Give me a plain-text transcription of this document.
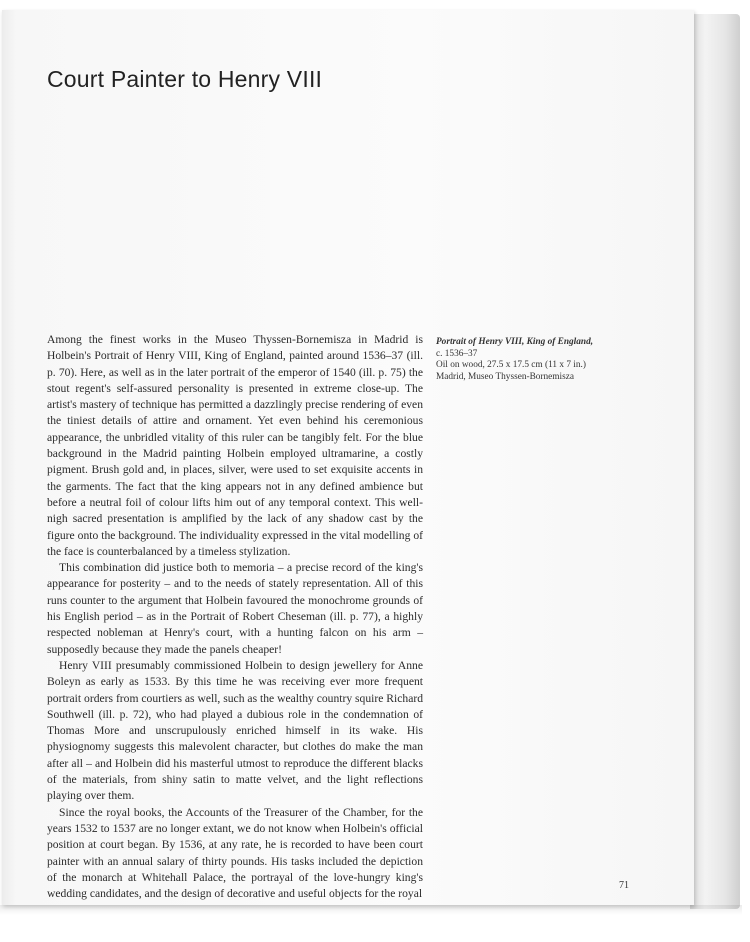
Court Painter to Henry VIII

Among the finest works in the Museo Thyssen-Bornemisza in Madrid is Holbein's Portrait of Henry VIII, King of England, painted around 1536–37 (ill. p. 70). Here, as well as in the later portrait of the emperor of 1540 (ill. p. 75) the stout regent's self-assured personality is presented in extreme close-up. The artist's mastery of technique has permitted a dazzlingly precise rendering of even the tiniest details of attire and ornament. Yet even behind his ceremonious appearance, the unbridled vitality of this ruler can be tangibly felt. For the blue background in the Madrid painting Holbein employed ultramarine, a costly pigment. Brush gold and, in places, silver, were used to set exquisite accents in the garments. The fact that the king appears not in any defined ambience but before a neutral foil of colour lifts him out of any temporal context. This well-nigh sacred presentation is amplified by the lack of any shadow cast by the figure onto the background. The individuality expressed in the vital modelling of the face is counterbalanced by a timeless stylization.

This combination did justice both to memoria – a precise record of the king's appearance for posterity – and to the needs of stately representation. All of this runs counter to the argument that Holbein favoured the monochrome grounds of his English period – as in the Portrait of Robert Cheseman (ill. p. 77), a highly respected nobleman at Henry's court, with a hunting falcon on his arm – supposedly because they made the panels cheaper!

Henry VIII presumably commissioned Holbein to design jewellery for Anne Boleyn as early as 1533. By this time he was receiving ever more frequent portrait orders from courtiers as well, such as the wealthy country squire Richard Southwell (ill. p. 72), who had played a dubious role in the condemnation of Thomas More and unscrupulously enriched himself in its wake. His physiognomy suggests this malevolent character, but clothes do make the man after all – and Holbein did his masterful utmost to reproduce the different blacks of the materials, from shiny satin to matte velvet, and the light reflections playing over them.

Since the royal books, the Accounts of the Treasurer of the Chamber, for the years 1532 to 1537 are no longer extant, we do not know when Holbein's official position at court began. By 1536, at any rate, he is recorded to have been court painter with an annual salary of thirty pounds. His tasks included the depiction of the monarch at Whitehall Palace, the portrayal of the love-hungry king's wedding candidates, and the design of decorative and useful objects for the royal

Portrait of Henry VIII, King of England,
c. 1536–37
Oil on wood, 27.5 x 17.5 cm (11 x 7 in.)
Madrid, Museo Thyssen-Bornemisza
71
